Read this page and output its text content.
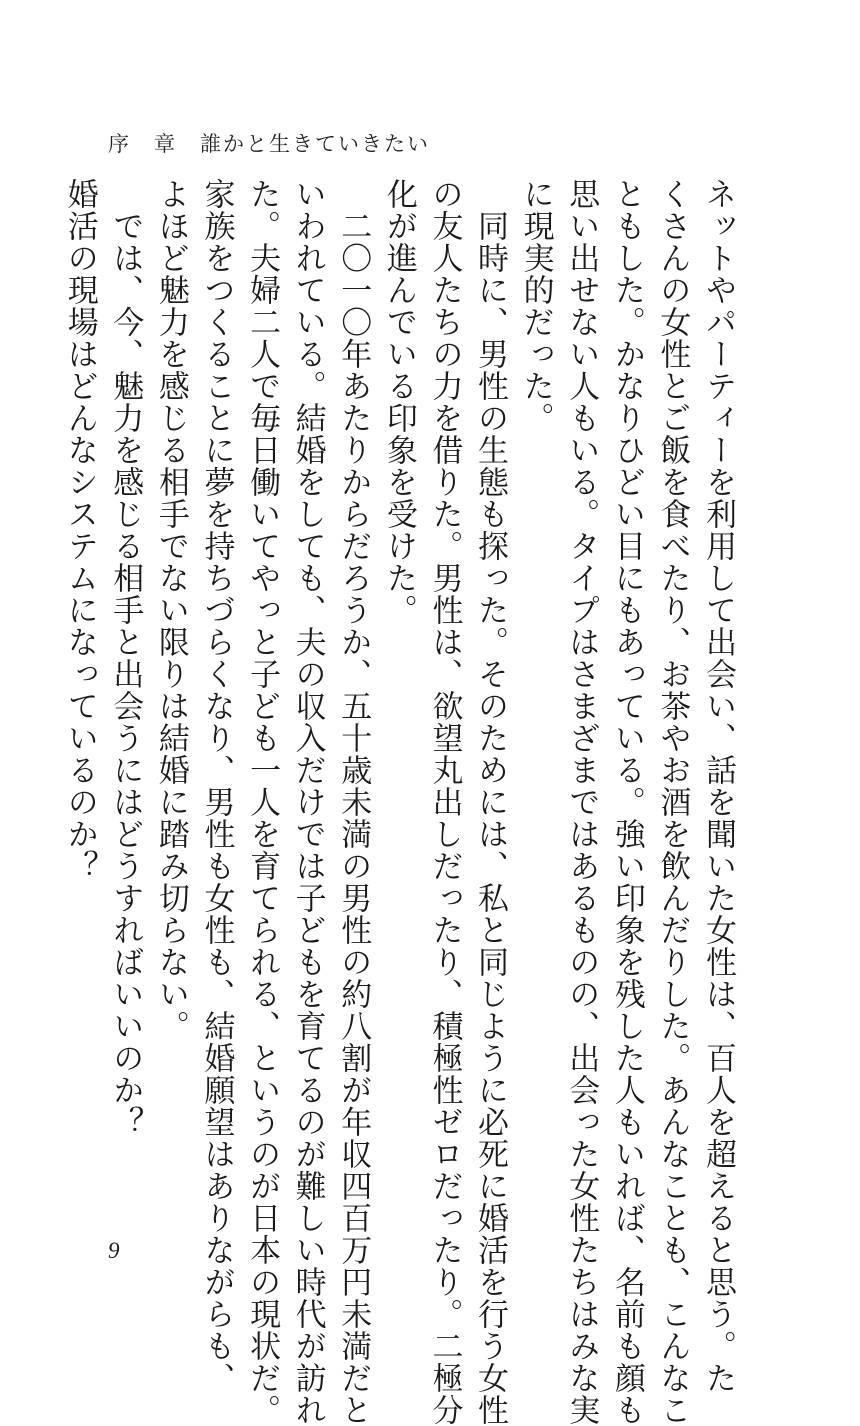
序　章　誰かと生きていきたい
ネットやパーティーを利用して出会い、話を聞いた女性は、百人を超えると思う。た
くさんの女性とご飯を食べたり、お茶やお酒を飲んだりした。あんなことも、こんなこ
ともした。かなりひどい目にもあっている。強い印象を残した人もいれば、名前も顔も
思い出せない人もいる。タイプはさまざまではあるものの、出会った女性たちはみな実
に現実的だった。
　同時に、男性の生態も探った。そのためには、私と同じように必死に婚活を行う女性
の友人たちの力を借りた。男性は、欲望丸出しだったり、積極性ゼロだったり。二極分
化が進んでいる印象を受けた。
　二〇一〇年あたりからだろうか、五十歳未満の男性の約八割が年収四百万円未満だと
いわれている。結婚をしても、夫の収入だけでは子どもを育てるのが難しい時代が訪れ
た。夫婦二人で毎日働いてやっと子ども一人を育てられる、というのが日本の現状だ。
家族をつくることに夢を持ちづらくなり、男性も女性も、結婚願望はありながらも、
よほど魅力を感じる相手でない限りは結婚に踏み切らない。
　では、今、魅力を感じる相手と出会うにはどうすればいいのか？
婚活の現場はどんなシステムになっているのか？
9
